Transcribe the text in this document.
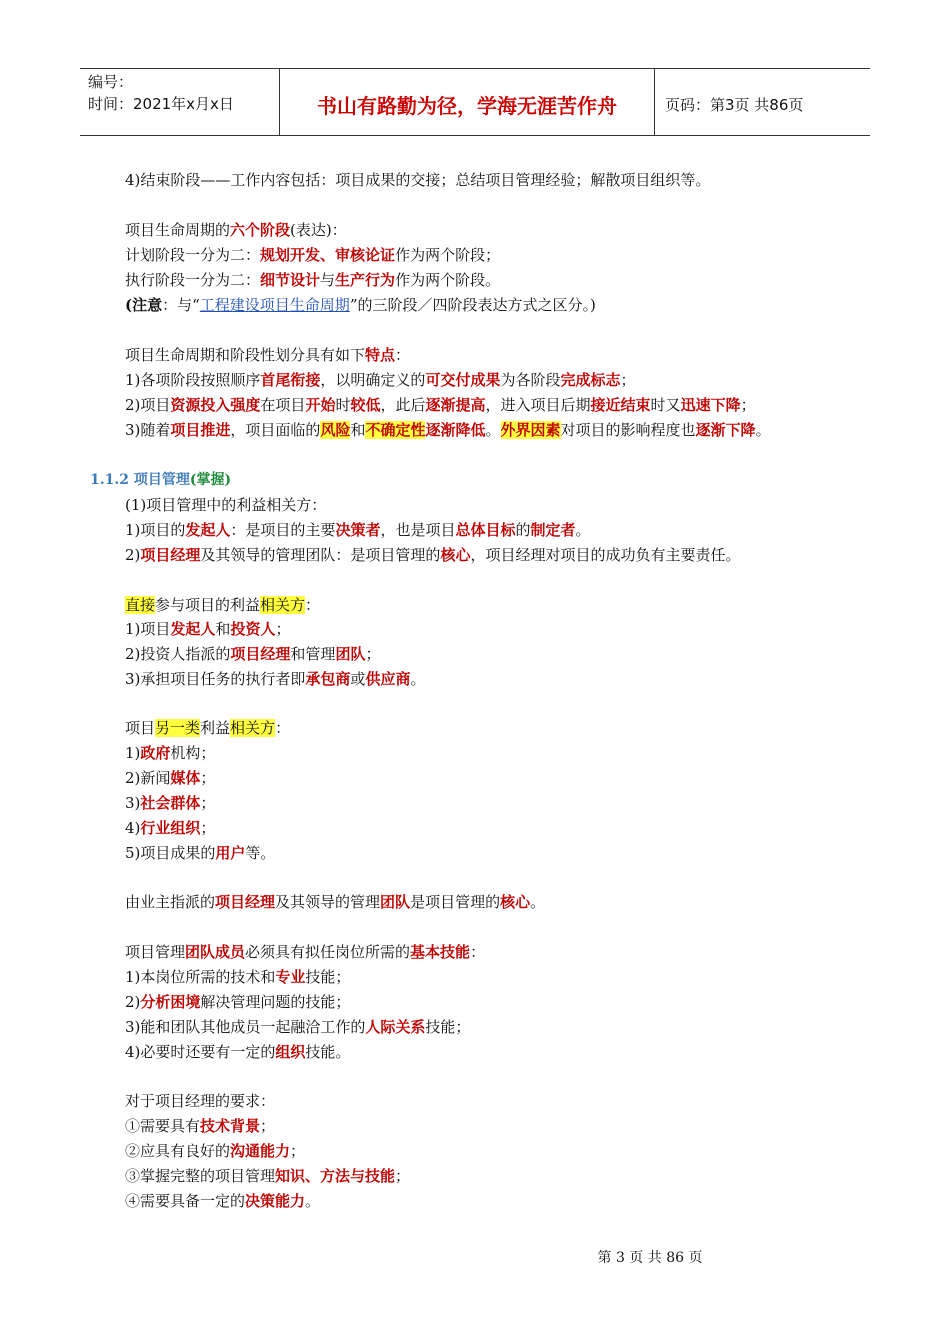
编号：
时间：2021年x月x日	书山有路勤为径，学海无涯苦作舟	页码：第3页 共86页
4)结束阶段——工作内容包括：项目成果的交接；总结项目管理经验；解散项目组织等。
项目生命周期的六个阶段(表达)：
计划阶段一分为二：规划开发、审核论证作为两个阶段；
执行阶段一分为二：细节设计与生产行为作为两个阶段。
(注意：与“工程建设项目生命周期”的三阶段／四阶段表达方式之区分。)
项目生命周期和阶段性划分具有如下特点：
1)各项阶段按照顺序首尾衔接，以明确定义的可交付成果为各阶段完成标志；
2)项目资源投入强度在项目开始时较低，此后逐渐提高，进入项目后期接近结束时又迅速下降；
3)随着项目推进，项目面临的风险和不确定性逐渐降低。外界因素对项目的影响程度也逐渐下降。
1.1.2 项目管理(掌握)
(1)项目管理中的利益相关方：
1)项目的发起人：是项目的主要决策者，也是项目总体目标的制定者。
2)项目经理及其领导的管理团队：是项目管理的核心，项目经理对项目的成功负有主要责任。
直接参与项目的利益相关方：
1)项目发起人和投资人；
2)投资人指派的项目经理和管理团队；
3)承担项目任务的执行者即承包商或供应商。
项目另一类利益相关方：
1)政府机构；
2)新闻媒体；
3)社会群体；
4)行业组织；
5)项目成果的用户等。
由业主指派的项目经理及其领导的管理团队是项目管理的核心。
项目管理团队成员必须具有拟任岗位所需的基本技能：
1)本岗位所需的技术和专业技能；
2)分析困境解决管理问题的技能；
3)能和团队其他成员一起融洽工作的人际关系技能；
4)必要时还要有一定的组织技能。
对于项目经理的要求：
①需要具有技术背景；
②应具有良好的沟通能力；
③掌握完整的项目管理知识、方法与技能；
④需要具备一定的决策能力。
第 3 页 共 86 页
